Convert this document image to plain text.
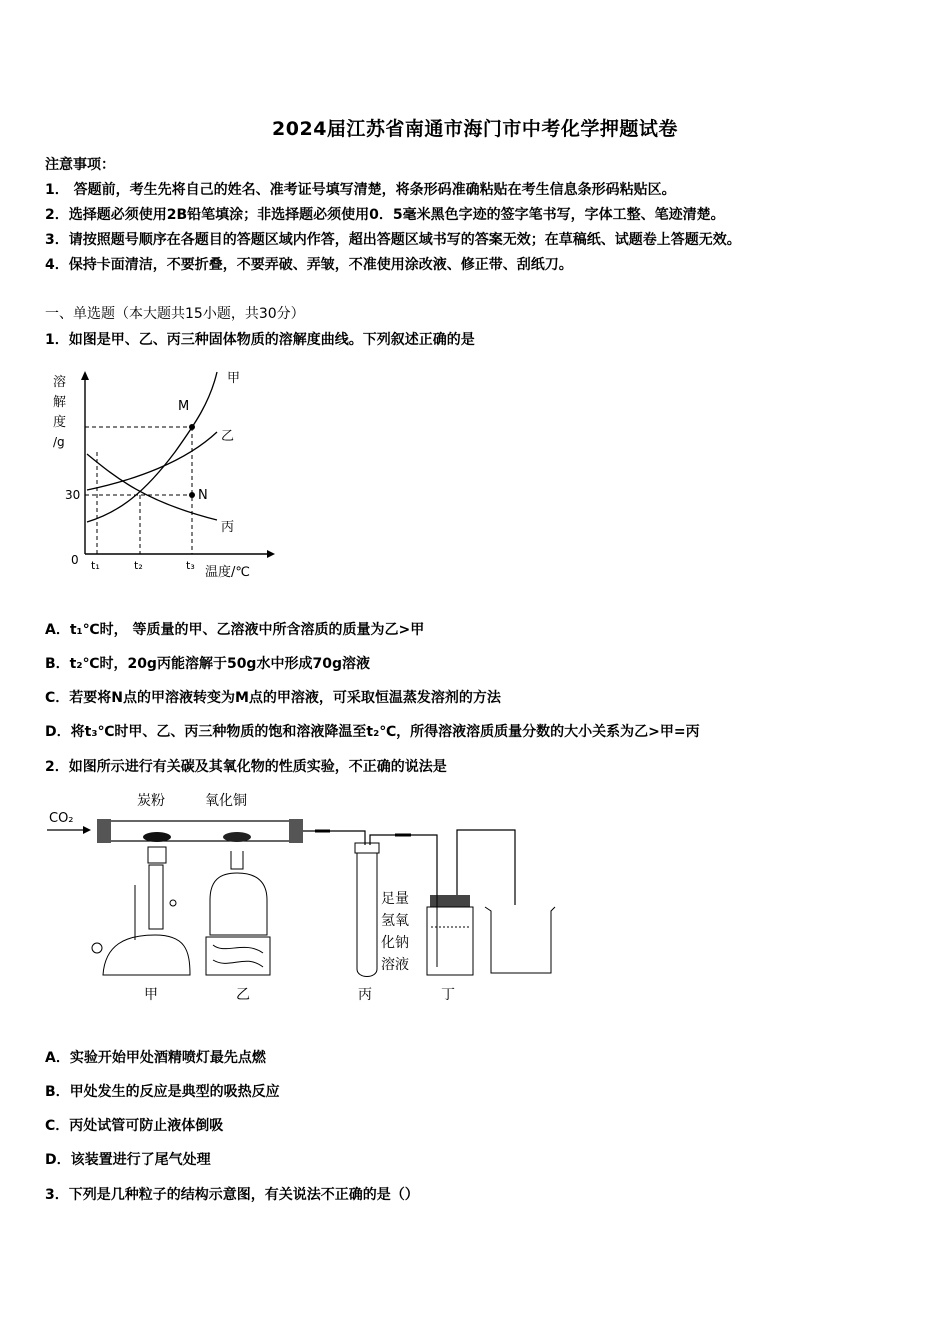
2024届江苏省南通市海门市中考化学押题试卷
注意事项：
1． 答题前，考生先将自己的姓名、准考证号填写清楚，将条形码准确粘贴在考生信息条形码粘贴区。
2．选择题必须使用2B铅笔填涂；非选择题必须使用0．5毫米黑色字迹的签字笔书写，字体工整、笔迹清楚。
3．请按照题号顺序在各题目的答题区域内作答，超出答题区域书写的答案无效；在草稿纸、试题卷上答题无效。
4．保持卡面清洁，不要折叠，不要弄破、弄皱，不准使用涂改液、修正带、刮纸刀。
一、单选题（本大题共15小题，共30分）
1．如图是甲、乙、丙三种固体物质的溶解度曲线。下列叙述正确的是
溶
解
度
/g
30
0 t₁	t₂	t₃ 温度/℃
M
N
甲
乙
丙
A．t₁℃时， 等质量的甲、乙溶液中所含溶质的质量为乙>甲
B．t₂℃时，20g丙能溶解于50g水中形成70g溶液
C．若要将N点的甲溶液转变为M点的甲溶液，可采取恒温蒸发溶剂的方法
D．将t₃℃时甲、乙、丙三种物质的饱和溶液降温至t₂℃，所得溶液溶质质量分数的大小关系为乙>甲=丙
2．如图所示进行有关碳及其氧化物的性质实验，不正确的说法是
CO₂
炭粉	氧化铜
甲	乙	丙
足量
氢氧
化钠
溶液
丁
A．实验开始甲处酒精喷灯最先点燃
B．甲处发生的反应是典型的吸热反应
C．丙处试管可防止液体倒吸
D．该装置进行了尾气处理
3．下列是几种粒子的结构示意图，有关说法不正确的是（）
